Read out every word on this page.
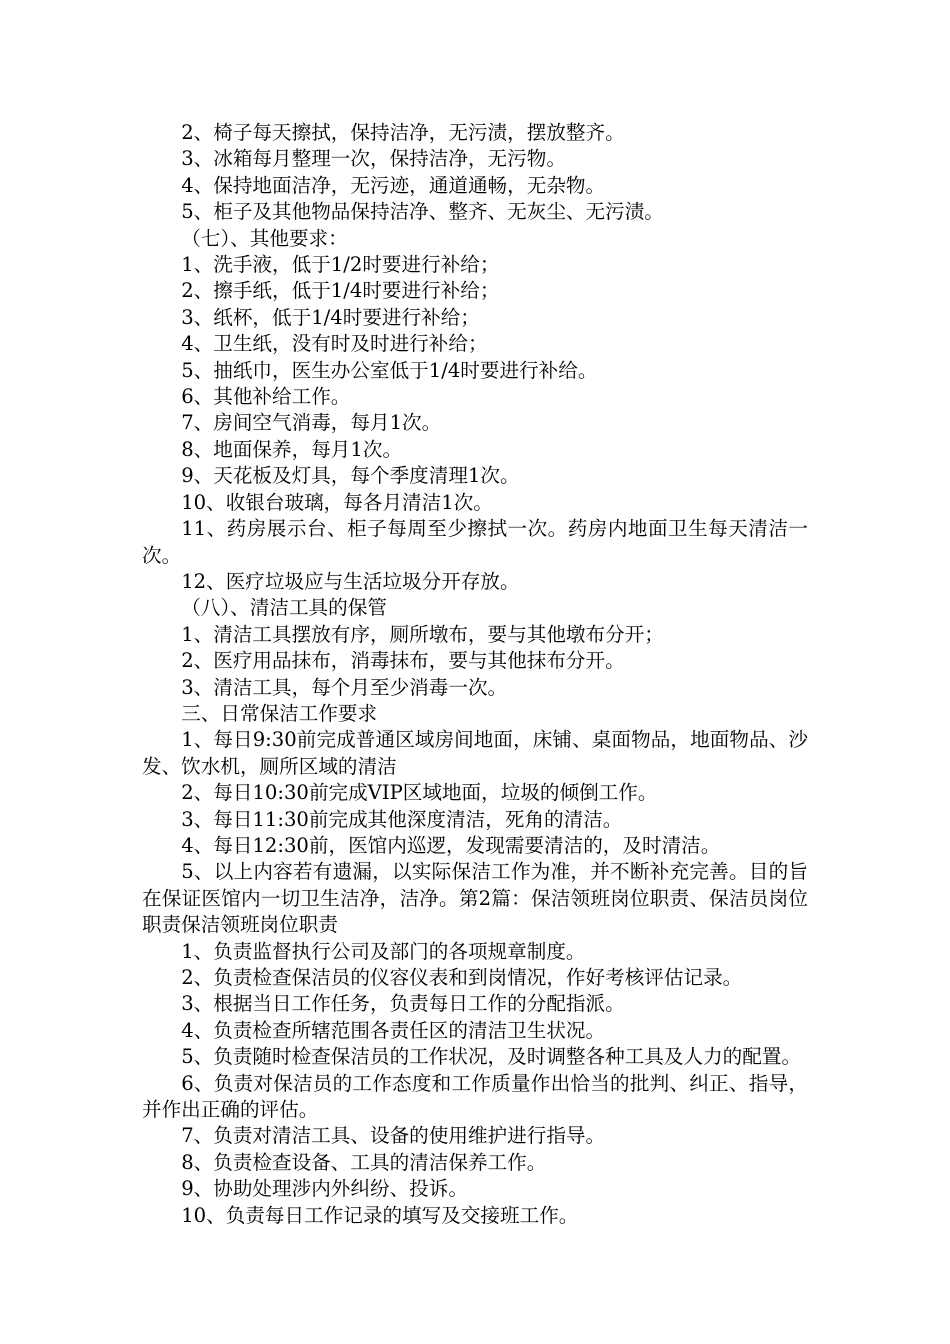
2、椅子每天擦拭，保持洁净，无污渍，摆放整齐。

3、冰箱每月整理一次，保持洁净，无污物。

4、保持地面洁净，无污迹，通道通畅，无杂物。

5、柜子及其他物品保持洁净、整齐、无灰尘、无污渍。

（七）、其他要求：

1、洗手液，低于1/2时要进行补给；

2、擦手纸，低于1/4时要进行补给；

3、纸杯，低于1/4时要进行补给；

4、卫生纸，没有时及时进行补给；

5、抽纸巾，医生办公室低于1/4时要进行补给。

6、其他补给工作。

7、房间空气消毒，每月1次。

8、地面保养，每月1次。

9、天花板及灯具，每个季度清理1次。

10、收银台玻璃，每各月清洁1次。

11、药房展示台、柜子每周至少擦拭一次。药房内地面卫生每天清洁一次。

12、医疗垃圾应与生活垃圾分开存放。

（八）、清洁工具的保管

1、清洁工具摆放有序，厕所墩布，要与其他墩布分开；

2、医疗用品抹布，消毒抹布，要与其他抹布分开。

3、清洁工具，每个月至少消毒一次。

三、日常保洁工作要求

1、每日9:30前完成普通区域房间地面，床铺、桌面物品，地面物品、沙发、饮水机，厕所区域的清洁

2、每日10:30前完成VIP区域地面，垃圾的倾倒工作。

3、每日11:30前完成其他深度清洁，死角的清洁。

4、每日12:30前，医馆内巡逻，发现需要清洁的，及时清洁。

5、以上内容若有遗漏，以实际保洁工作为准，并不断补充完善。目的旨在保证医馆内一切卫生洁净，洁净。第2篇：保洁领班岗位职责、保洁员岗位职责保洁领班岗位职责

1、负责监督执行公司及部门的各项规章制度。

2、负责检查保洁员的仪容仪表和到岗情况，作好考核评估记录。

3、根据当日工作任务，负责每日工作的分配指派。

4、负责检查所辖范围各责任区的清洁卫生状况。

5、负责随时检查保洁员的工作状况，及时调整各种工具及人力的配置。

6、负责对保洁员的工作态度和工作质量作出恰当的批判、纠正、指导，并作出正确的评估。

7、负责对清洁工具、设备的使用维护进行指导。

8、负责检查设备、工具的清洁保养工作。

9、协助处理涉内外纠纷、投诉。

10、负责每日工作记录的填写及交接班工作。
